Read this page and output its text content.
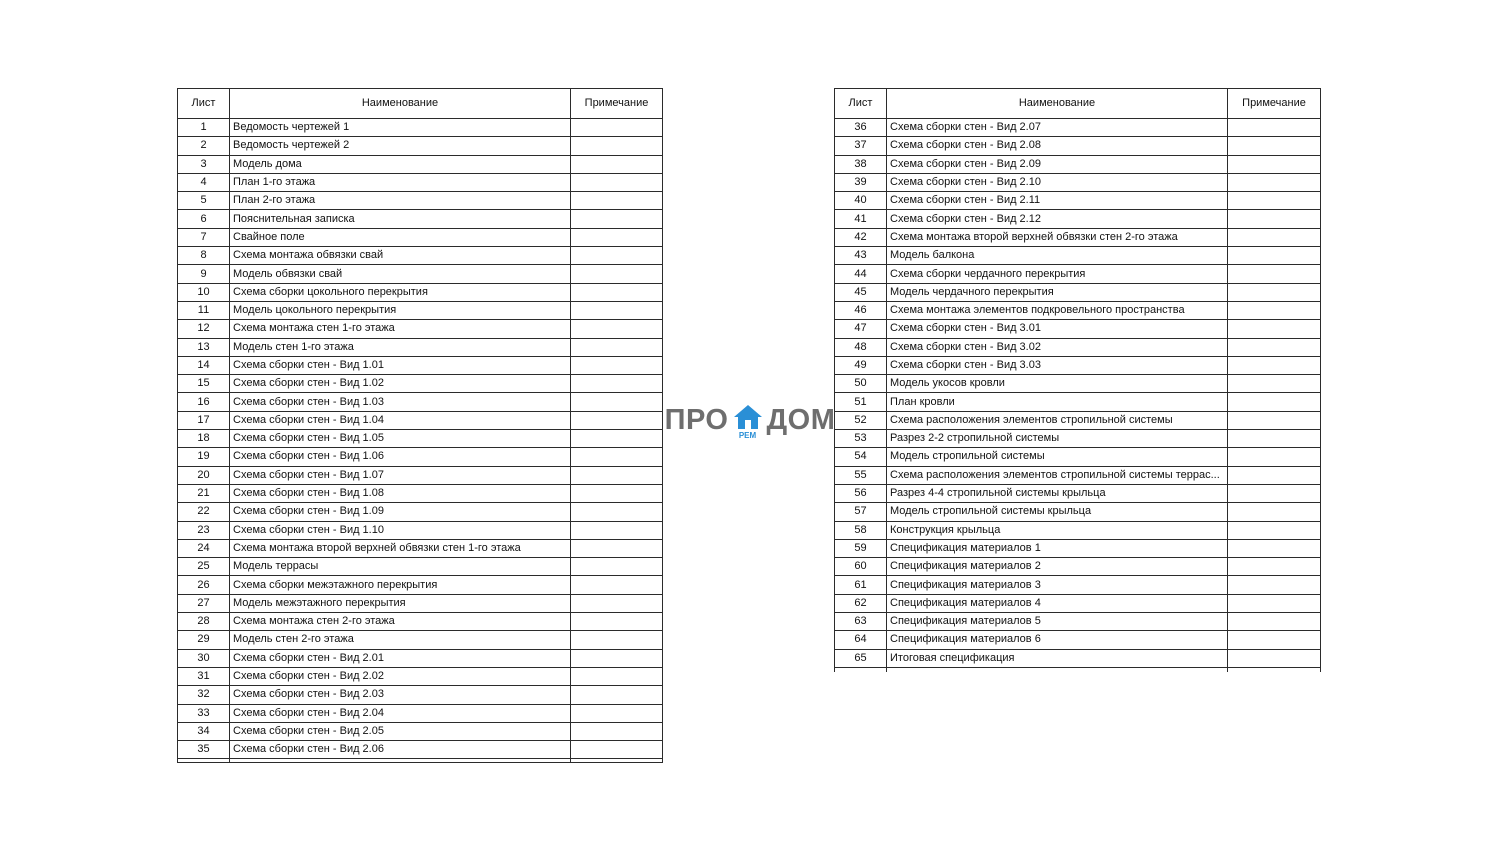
Лист	Наименование	Примечание
1	Ведомость чертежей 1	
2	Ведомость чертежей 2	
3	Модель дома	
4	План 1-го этажа	
5	План 2-го этажа	
6	Пояснительная записка	
7	Свайное поле	
8	Схема монтажа обвязки свай	
9	Модель обвязки свай	
10	Схема сборки цокольного перекрытия	
11	Модель цокольного перекрытия	
12	Схема монтажа стен 1-го этажа	
13	Модель стен 1-го этажа	
14	Схема сборки стен - Вид 1.01	
15	Схема сборки стен - Вид 1.02	
16	Схема сборки стен - Вид 1.03	
17	Схема сборки стен - Вид 1.04	
18	Схема сборки стен - Вид 1.05	
19	Схема сборки стен - Вид 1.06	
20	Схема сборки стен - Вид 1.07	
21	Схема сборки стен - Вид 1.08	
22	Схема сборки стен - Вид 1.09	
23	Схема сборки стен - Вид 1.10	
24	Схема монтажа второй верхней обвязки стен 1-го этажа	
25	Модель террасы	
26	Схема сборки межэтажного перекрытия	
27	Модель межэтажного перекрытия	
28	Схема монтажа стен 2-го этажа	
29	Модель стен 2-го этажа	
30	Схема сборки стен - Вид 2.01	
31	Схема сборки стен - Вид 2.02	
32	Схема сборки стен - Вид 2.03	
33	Схема сборки стен - Вид 2.04	
34	Схема сборки стен - Вид 2.05	
35	Схема сборки стен - Вид 2.06	

Лист	Наименование	Примечание
36	Схема сборки стен - Вид 2.07	
37	Схема сборки стен - Вид 2.08	
38	Схема сборки стен - Вид 2.09	
39	Схема сборки стен - Вид 2.10	
40	Схема сборки стен - Вид 2.11	
41	Схема сборки стен - Вид 2.12	
42	Схема монтажа второй верхней обвязки стен 2-го этажа	
43	Модель балкона	
44	Схема сборки чердачного перекрытия	
45	Модель чердачного перекрытия	
46	Схема монтажа элементов подкровельного пространства	
47	Схема сборки стен - Вид 3.01	
48	Схема сборки стен - Вид 3.02	
49	Схема сборки стен - Вид 3.03	
50	Модель укосов кровли	
51	План кровли	
52	Схема расположения элементов стропильной системы	
53	Разрез 2-2 стропильной системы	
54	Модель стропильной системы	
55	Схема расположения элементов стропильной системы террас...	
56	Разрез 4-4 стропильной системы крыльца	
57	Модель стропильной системы крыльца	
58	Конструкция крыльца	
59	Спецификация материалов 1	
60	Спецификация материалов 2	
61	Спецификация материалов 3	
62	Спецификация материалов 4	
63	Спецификация материалов 5	
64	Спецификация материалов 6	
65	Итоговая спецификация	

ПРО РЕМ ДОМ
